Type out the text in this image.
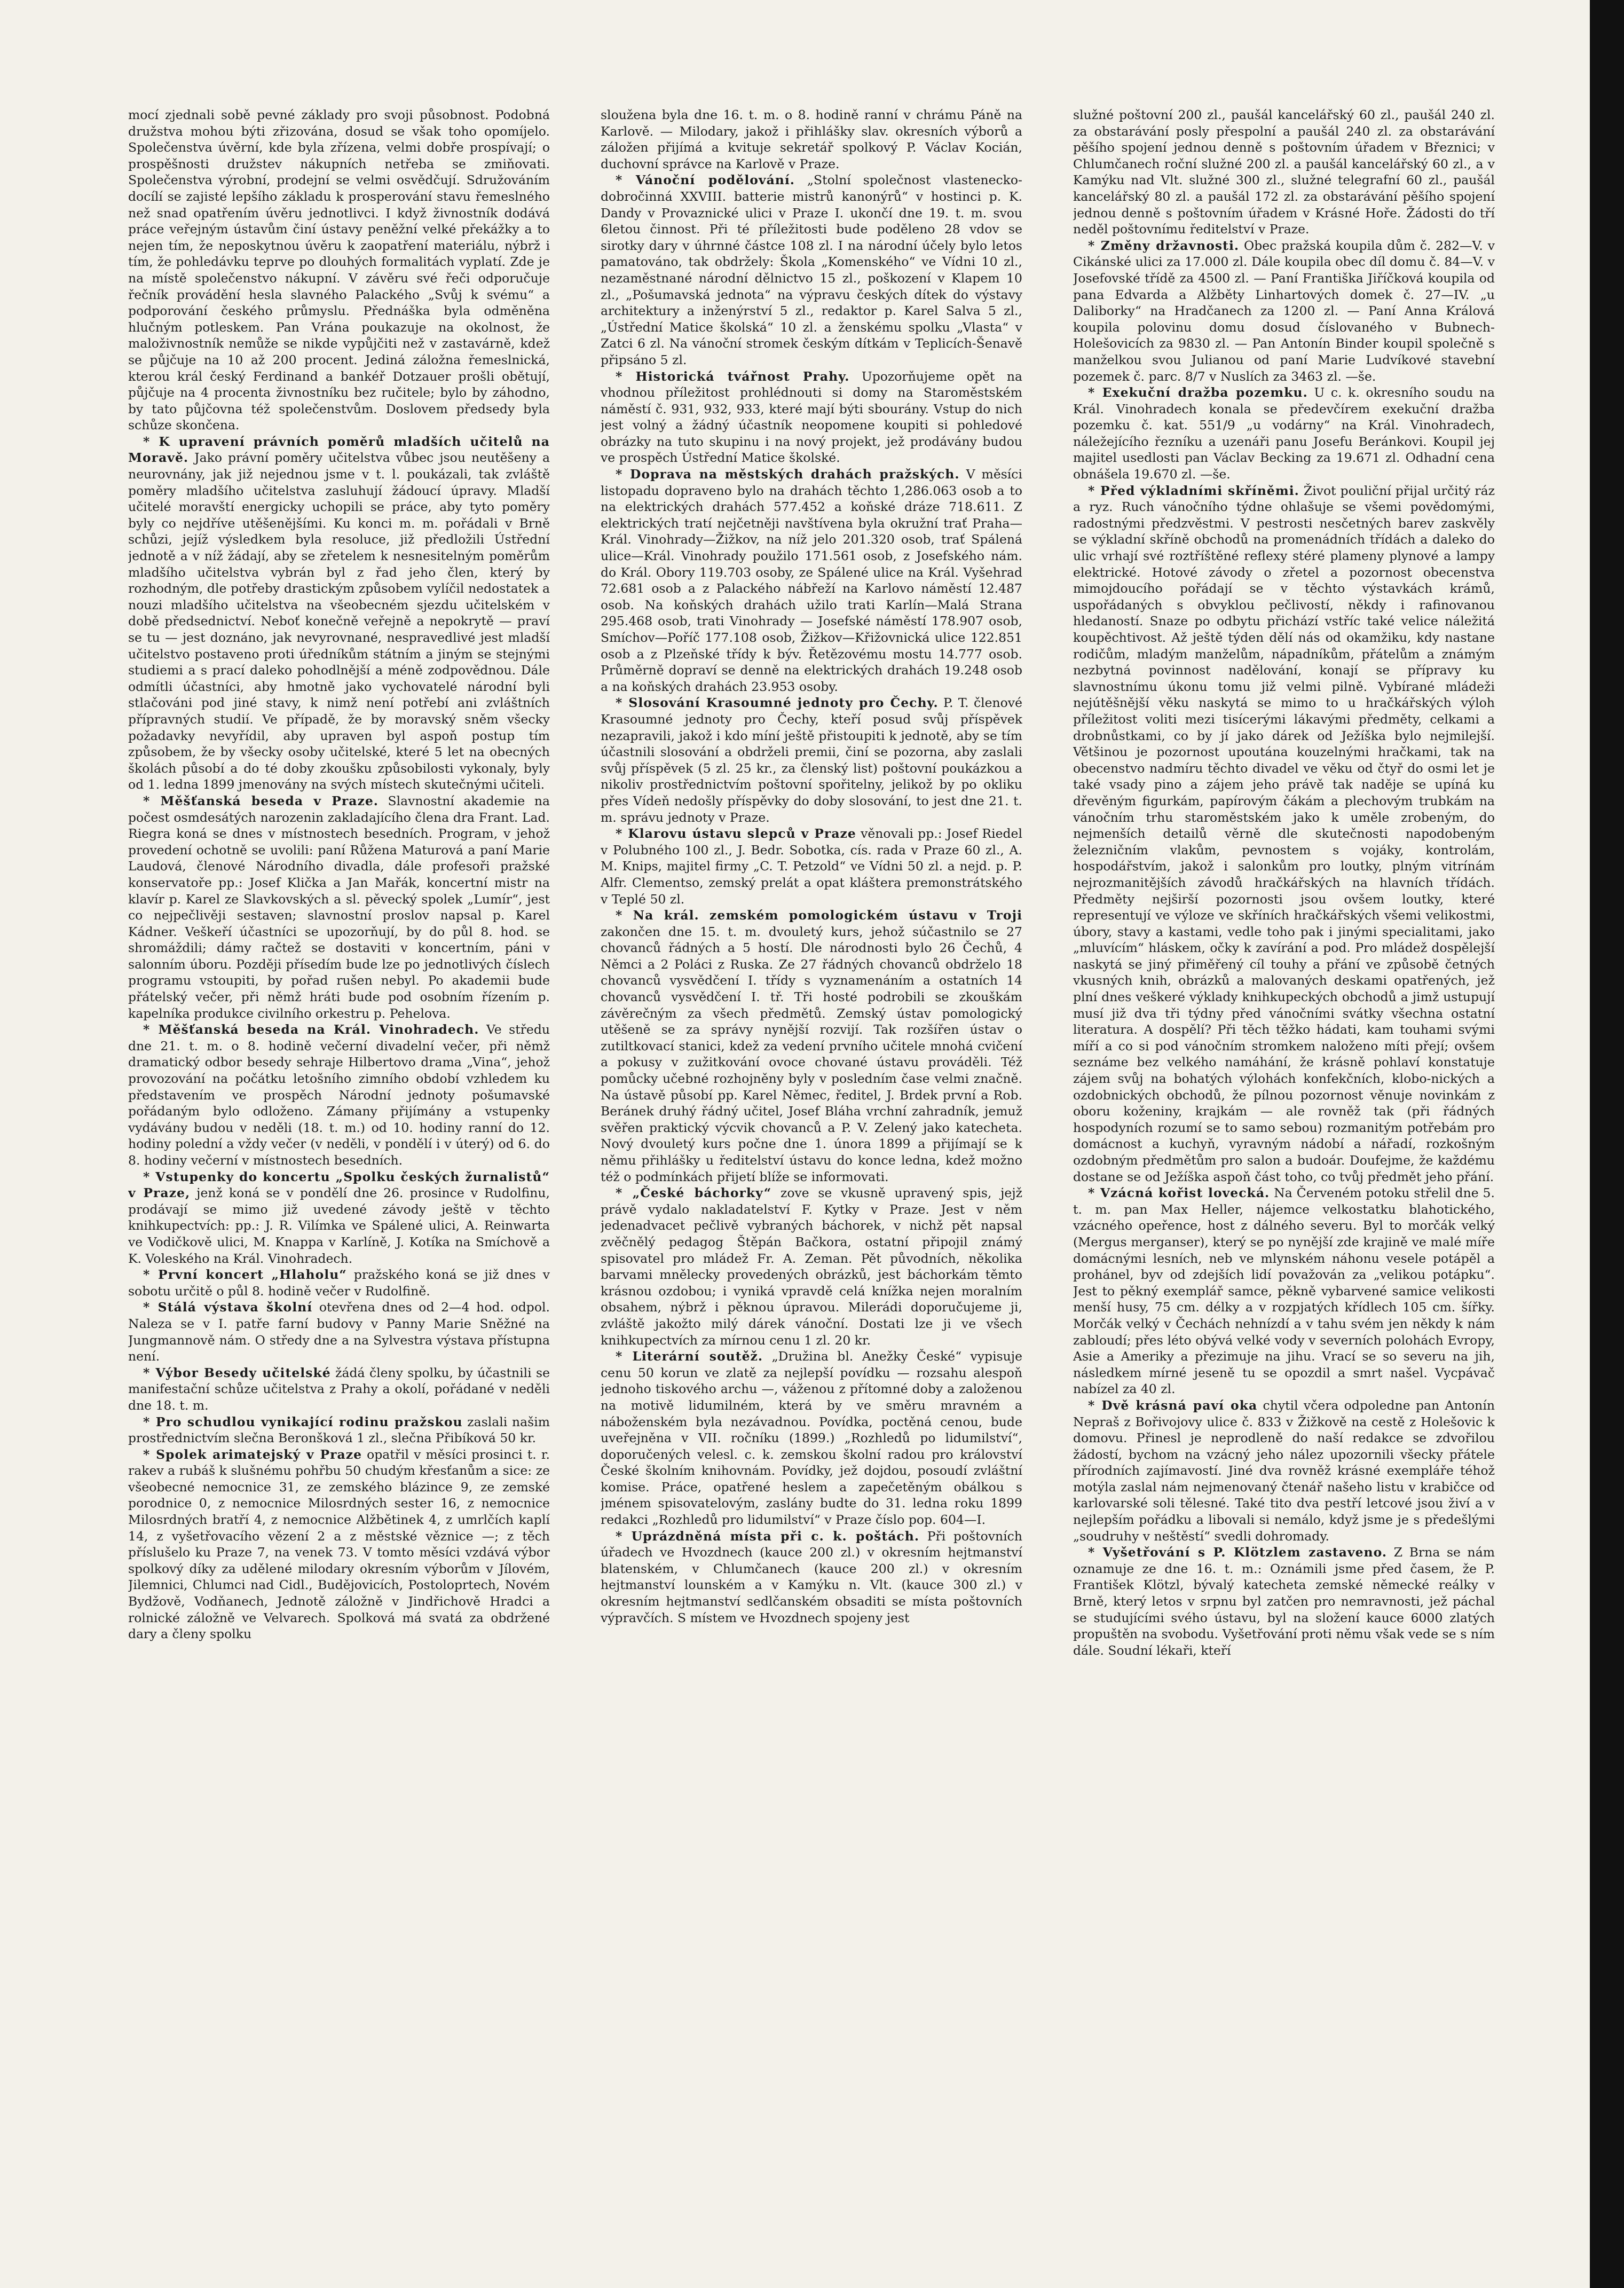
mocí zjednali sobě pevné základy pro svoji působnost. Podobná družstva mohou býti zřizována, dosud se však toho opomíjelo. Společenstva úvěrní, kde byla zřízena, velmi dobře prospívají; o prospěšnosti družstev nákupních netřeba se zmiňovati. Společenstva výrobní, prodejní se velmi osvědčují. Sdružováním docílí se zajisté lepšího základu k prosperování stavu řemeslného než snad opatřením úvěru jednotlivci. I když živnostník dodává práce veřejným ústavům činí ústavy peněžní velké překážky a to nejen tím, že neposkytnou úvěru k zaopatření materiálu, nýbrž i tím, že pohledávku teprve po dlouhých formalitách vyplatí. Zde je na místě společenstvo nákupní. V závěru své řeči odporučuje řečník provádění hesla slavného Palackého „Svůj k svému“ a podporování českého průmyslu. Přednáška byla odměněna hlučným potleskem. Pan Vrána poukazuje na okolnost, že maloživnostník nemůže se nikde vypůjčiti než v zastavárně, kdež se půjčuje na 10 až 200 procent. Jediná záložna řemeslnická, kterou král český Ferdinand a bankéř Dotzauer prošli obětují, půjčuje na 4 procenta živnostníku bez ručitele; bylo by záhodno, by tato půjčovna též společenstvům. Doslovem předsedy byla schůze skončena.

* K upravení právních poměrů mladších učitelů na Moravě. Jako právní poměry učitelstva vůbec jsou neutěšeny a neurovnány, jak již nejednou jsme v t. l. poukázali, tak zvláště poměry mladšího učitelstva zasluhují žádoucí úpravy. Mladší učitelé moravští energicky uchopili se práce, aby tyto poměry byly co nejdříve utěšenějšími. Ku konci m. m. pořádali v Brně schůzi, jejíž výsledkem byla resoluce, již předložili Ústřední jednotě a v níž žádají, aby se zřetelem k nesnesitelným poměrům mladšího učitelstva vybrán byl z řad jeho člen, který by rozhodným, dle potřeby drastickým způsobem vylíčil nedostatek a nouzi mladšího učitelstva na všeobecném sjezdu učitelském v době předsednictví. Neboť konečně veřejně a nepokrytě — praví se tu — jest doznáno, jak nevyrovnané, nespravedlivé jest mladší učitelstvo postaveno proti úředníkům státním a jiným se stejnými studiemi a s prací daleko pohodlnější a méně zodpovědnou. Dále odmítli účastníci, aby hmotně jako vychovatelé národní byli stlačováni pod jiné stavy, k nimž není potřebí ani zvláštních přípravných studií. Ve případě, že by moravský sněm všecky požadavky nevyřídil, aby upraven byl aspoň postup tím způsobem, že by všecky osoby učitelské, které 5 let na obecných školách působí a do té doby zkoušku způsobilosti vykonaly, byly od 1. ledna 1899 jmenovány na svých místech skutečnými učiteli.

* Měšťanská beseda v Praze. Slavnostní akademie na počest osmdesátých narozenin zakladajícího člena dra Frant. Lad. Riegra koná se dnes v místnostech besedních. Program, v jehož provedení ochotně se uvolili: paní Růžena Maturová a paní Marie Laudová, členové Národního divadla, dále profesoři pražské konservatoře pp.: Josef Klička a Jan Mařák, koncertní mistr na klavír p. Karel ze Slavkovských a sl. pěvecký spolek „Lumír“, jest co nejpečlivěji sestaven; slavnostní proslov napsal p. Karel Kádner. Veškeří účastníci se upozorňují, by do půl 8. hod. se shromáždili; dámy račtež se dostaviti v koncertním, páni v salonním úboru. Později přísedím bude lze po jednotlivých číslech programu vstoupiti, by pořad rušen nebyl. Po akademii bude přátelský večer, při němž hráti bude pod osobním řízením p. kapelníka produkce civilního orkestru p. Pehelova.

* Měšťanská beseda na Král. Vinohradech. Ve středu dne 21. t. m. o 8. hodině večerní divadelní večer, při němž dramatický odbor besedy sehraje Hilbertovo drama „Vina“, jehož provozování na počátku letošního zimního období vzhledem ku představením ve prospěch Národní jednoty pošumavské pořádaným bylo odloženo. Zámany přijímány a vstupenky vydávány budou v neděli (18. t. m.) od 10. hodiny ranní do 12. hodiny polední a vždy večer (v neděli, v pondělí i v úterý) od 6. do 8. hodiny večerní v místnostech besedních.

* Vstupenky do koncertu „Spolku českých žurnalistů“ v Praze, jenž koná se v pondělí dne 26. prosince v Rudolfinu, prodávají se mimo již uvedené závody ještě v těchto knihkupectvích: pp.: J. R. Vilímka ve Spálené ulici, A. Reinwarta ve Vodičkově ulici, M. Knappa v Karlíně, J. Kotíka na Smíchově a K. Voleského na Král. Vinohradech.

* První koncert „Hlaholu“ pražského koná se již dnes v sobotu určitě o půl 8. hodině večer v Rudolfině.

* Stálá výstava školní otevřena dnes od 2—4 hod. odpol. Naleza se v I. patře farní budovy v Panny Marie Sněžné na Jungmannově nám. O středy dne a na Sylvestra výstava přístupna není.

* Výbor Besedy učitelské žádá členy spolku, by účastnili se manifestační schůze učitelstva z Prahy a okolí, pořádané v neděli dne 18. t. m.

* Pro schudlou vynikající rodinu pražskou zaslali našim prostřednictvím slečna Beronšková 1 zl., slečna Přibíková 50 kr.

* Spolek arimatejský v Praze opatřil v měsíci prosinci t. r. rakev a rubáš k slušnému pohřbu 50 chudým křesťanům a sice: ze všeobecné nemocnice 31, ze zemského blázince 9, ze zemské porodnice 0, z nemocnice Milosrdných sester 16, z nemocnice Milosrdných bratří 4, z nemocnice Alžbětinek 4, z umrlčích kaplí 14, z vyšetřovacího vězení 2 a z městské věznice —; z těch příslušelo ku Praze 7, na venek 73. V tomto měsíci vzdává výbor spolkový díky za udělené milodary okresním výborům v Jílovém, Jilemnici, Chlumci nad Cidl., Budějovicích, Postoloprtech, Novém Bydžově, Vodňanech, Jednotě záložně v Jindřichově Hradci a rolnické záložně ve Velvarech. Spolková má svatá za obdržené dary a členy spolku

sloužena byla dne 16. t. m. o 8. hodině ranní v chrámu Páně na Karlově. — Milodary, jakož i přihlášky slav. okresních výborů a záložen přijímá a kvituje sekretář spolkový P. Václav Kocián, duchovní správce na Karlově v Praze.

* Vánoční podělování. „Stolní společnost vlastenecko-dobročinná XXVIII. batterie mistrů kanonýrů“ v hostinci p. K. Dandy v Provaznické ulici v Praze I. ukončí dne 19. t. m. svou 6letou činnost. Při té příležitosti bude poděleno 28 vdov se sirotky dary v úhrnné částce 108 zl. I na národní účely bylo letos pamatováno, tak obdržely: Škola „Komenského“ ve Vídni 10 zl., nezaměstnané národní dělnictvo 15 zl., poškození v Klapem 10 zl., „Pošumavská jednota“ na výpravu českých dítek do výstavy architektury a inženýrství 5 zl., redaktor p. Karel Salva 5 zl., „Ústřední Matice školská“ 10 zl. a ženskému spolku „Vlasta“ v Zatci 6 zl. Na vánoční stromek českým dítkám v Teplicích-Šenavě připsáno 5 zl.

* Historická tvářnost Prahy. Upozorňujeme opět na vhodnou příležitost prohlédnouti si domy na Staroměstském náměstí č. 931, 932, 933, které mají býti sbourány. Vstup do nich jest volný a žádný účastník neopomene koupiti si pohledové obrázky na tuto skupinu i na nový projekt, jež prodávány budou ve prospěch Ústřední Matice školské.

* Doprava na městských drahách pražských. V měsíci listopadu dopraveno bylo na drahách těchto 1,286.063 osob a to na elektrických drahách 577.452 a koňské dráze 718.611. Z elektrických tratí nejčetněji navštívena byla okružní trať Praha—Král. Vinohrady—Žižkov, na níž jelo 201.320 osob, trať Spálená ulice—Král. Vinohrady použilo 171.561 osob, z Josefského nám. do Král. Obory 119.703 osoby, ze Spálené ulice na Král. Vyšehrad 72.681 osob a z Palackého nábřeží na Karlovo náměstí 12.487 osob. Na koňských drahách užilo trati Karlín—Malá Strana 295.468 osob, trati Vinohrady — Josefské náměstí 178.907 osob, Smíchov—Poříč 177.108 osob, Žižkov—Křižovnická ulice 122.851 osob a z Plzeňské třídy k býv. Řetězovému mostu 14.777 osob. Průměrně dopraví se denně na elektrických drahách 19.248 osob a na koňských drahách 23.953 osoby.

* Slosování Krasoumné jednoty pro Čechy. P. T. členové Krasoumné jednoty pro Čechy, kteří posud svůj příspěvek nezapravili, jakož i kdo míní ještě přistoupiti k jednotě, aby se tím účastnili slosování a obdrželi premii, činí se pozorna, aby zaslali svůj příspěvek (5 zl. 25 kr., za členský list) poštovní poukázkou a nikoliv prostřednictvím poštovní spořitelny, jelikož by po okliku přes Vídeň nedošly příspěvky do doby slosování, to jest dne 21. t. m. správu jednoty v Praze.

* Klarovu ústavu slepců v Praze věnovali pp.: Josef Riedel v Polubného 100 zl., J. Bedr. Sobotka, cís. rada v Praze 60 zl., A. M. Knips, majitel firmy „C. T. Petzold“ ve Vídni 50 zl. a nejd. p. P. Alfr. Clementso, zemský prelát a opat kláštera premonstrátského v Teplé 50 zl.

* Na král. zemském pomologickém ústavu v Troji zakončen dne 15. t. m. dvouletý kurs, jehož súčastnilo se 27 chovanců řádných a 5 hostí. Dle národnosti bylo 26 Čechů, 4 Němci a 2 Poláci z Ruska. Ze 27 řádných chovanců obdrželo 18 chovanců vysvědčení I. třídy s vyznamenáním a ostatních 14 chovanců vysvědčení I. tř. Tři hosté podrobili se zkouškám závěrečným za všech předmětů. Zemský ústav pomologický utěšeně se za správy nynější rozvijí. Tak rozšířen ústav o zutiltkovací stanici, kdež za vedení prvního učitele mnohá cvičení a pokusy v zužitkování ovoce chované ústavu prováděli. Též pomůcky učebné rozhojněny byly v posledním čase velmi značně. Na ústavě působí pp. Karel Němec, ředitel, J. Brdek první a Rob. Beránek druhý řádný učitel, Josef Bláha vrchní zahradník, jemuž svěřen praktický výcvik chovanců a P. V. Zelený jako katecheta. Nový dvouletý kurs počne dne 1. února 1899 a přijímají se k němu přihlášky u ředitelství ústavu do konce ledna, kdež možno též o podmínkách přijetí blíže se informovati.

* „České báchorky“ zove se vkusně upravený spis, jejž právě vydalo nakladatelství F. Kytky v Praze. Jest v něm jedenadvacet pečlivě vybraných báchorek, v nichž pět napsal zvěčnělý pedagog Štěpán Bačkora, ostatní připojil známý spisovatel pro mládež Fr. A. Zeman. Pět původních, několika barvami mnělecky provedených obrázků, jest báchorkám těmto krásnou ozdobou; i vyniká vpravdě celá knížka nejen moralním obsahem, nýbrž i pěknou úpravou. Milerádi doporučujeme ji, zvláště jakožto milý dárek vánoční. Dostati lze ji ve všech knihkupectvích za mírnou cenu 1 zl. 20 kr.

* Literární soutěž. „Družina bl. Anežky České“ vypisuje cenu 50 korun ve zlatě za nejlepší povídku — rozsahu alespoň jednoho tiskového archu —, váženou z přítomné doby a založenou na motivě lidumilném, která by ve směru mravném a náboženském byla nezávadnou. Povídka, poctěná cenou, bude uveřejněna v VII. ročníku (1899.) „Rozhledů po lidumilství“, doporučených velesl. c. k. zemskou školní radou pro království České školním knihovnám. Povídky, jež dojdou, posoudí zvláštní komise. Práce, opatřené heslem a zapečetěným obálkou s jménem spisovatelovým, zaslány budte do 31. ledna roku 1899 redakci „Rozhledů pro lidumilství“ v Praze číslo pop. 604—I.

* Uprázdněná místa při c. k. poštách. Při poštovních úřadech ve Hvozdnech (kauce 200 zl.) v okresním hejtmanství blatenském, v Chlumčanech (kauce 200 zl.) v okresním hejtmanství lounském a v Kamýku n. Vlt. (kauce 300 zl.) v okresním hejtmanství sedlčanském obsaditi se místa poštovních výpravčích. S místem ve Hvozdnech spojeny jest

služné poštovní 200 zl., paušál kancelářský 60 zl., paušál 240 zl. za obstarávání posly přespolní a paušál 240 zl. za obstarávání pěšího spojení jednou denně s poštovním úřadem v Březnici; v Chlumčanech roční služné 200 zl. a paušál kancelářský 60 zl., a v Kamýku nad Vlt. služné 300 zl., služné telegrafní 60 zl., paušál kancelářský 80 zl. a paušál 172 zl. za obstarávání pěšího spojení jednou denně s poštovním úřadem v Krásné Hoře. Žádosti do tří neděl poštovnímu ředitelství v Praze.

* Změny državnosti. Obec pražská koupila dům č. 282—V. v Cikánské ulici za 17.000 zl. Dále koupila obec díl domu č. 84—V. v Josefovské třídě za 4500 zl. — Paní Františka Jiříčková koupila od pana Edvarda a Alžběty Linhartových domek č. 27—IV. „u Daliborky“ na Hradčanech za 1200 zl. — Paní Anna Králová koupila polovinu domu dosud číslovaného v Bubnech-Holešovicích za 9830 zl. — Pan Antonín Binder koupil společně s manželkou svou Julianou od paní Marie Ludvíkové stavební pozemek č. parc. 8/7 v Nuslích za 3463 zl. —še.

* Exekuční dražba pozemku. U c. k. okresního soudu na Král. Vinohradech konala se předevčírem exekuční dražba pozemku č. kat. 551/9 „u vodárny“ na Král. Vinohradech, náležejícího řezníku a uzenáři panu Josefu Beránkovi. Koupil jej majitel usedlosti pan Václav Becking za 19.671 zl. Odhadní cena obnášela 19.670 zl. —še.

* Před výkladními skříněmi. Život pouliční přijal určitý ráz a ryz. Ruch vánočního týdne ohlašuje se všemi povědomými, radostnými předzvěstmi. V pestrosti nesčetných barev zaskvěly se výkladní skříně obchodů na promenádních třídách a daleko do ulic vrhají své roztříštěné reflexy stéré plameny plynové a lampy elektrické. Hotové závody o zřetel a pozornost obecenstva mimojdoucího pořádají se v těchto výstavkách krámů, uspořádaných s obvyklou pečlivostí, někdy i rafinovanou hledaností. Snaze po odbytu přichází vstříc také velice náležitá koupěchtivost. Až ještě týden dělí nás od okamžiku, kdy nastane rodičům, mladým manželům, nápadníkům, přátelům a známým nezbytná povinnost nadělování, konají se přípravy ku slavnostnímu úkonu tomu již velmi pilně. Vybírané mládeži nejútěšnější věku naskytá se mimo to u hračkářských výloh příležitost voliti mezi tisícerými lákavými předměty, celkami a drobnůstkami, co by jí jako dárek od Ježíška bylo nejmilejší. Většinou je pozornost upoutána kouzelnými hračkami, tak na obecenstvo nadmíru těchto divadel ve věku od čtyř do osmi let je také vsady pino a zájem jeho právě tak naděje se upíná ku dřevěným figurkám, papírovým čákám a plechovým trubkám na vánočním trhu staroměstském jako k uměle zrobeným, do nejmenších detailů věrně dle skutečnosti napodobeným železničním vlakům, pevnostem s vojáky, kontrolám, hospodářstvím, jakož i salonkům pro loutky, plným vitrínám nejrozmanitějších závodů hračkářských na hlavních třídách. Předměty nejširší pozornosti jsou ovšem loutky, které representují ve výloze ve skříních hračkářských všemi velikostmi, úbory, stavy a kastami, vedle toho pak i jinými specialitami, jako „mluvícím“ hláskem, očky k zavírání a pod. Pro mládež dospělejší naskytá se jiný přiměřený cíl touhy a přání ve způsobě četných vkusných knih, obrázků a malovaných deskami opatřených, jež plní dnes veškeré výklady knihkupeckých obchodů a jimž ustupují musí již dva tři týdny před vánočními svátky všechna ostatní literatura. A dospělí? Při těch těžko hádati, kam touhami svými míří a co si pod vánočním stromkem naloženo míti přejí; ovšem seznáme bez velkého namáhání, že krásně pohlaví konstatuje zájem svůj na bohatých výlohách konfekčních, klobo-nických a ozdobnických obchodů, že pílnou pozornost věnuje novinkám z oboru koženiny, krajkám — ale rovněž tak (při řádných hospodyních rozumí se to samo sebou) rozmanitým potřebám pro domácnost a kuchyň, vyravným nádobí a nářadí, rozkošným ozdobným předmětům pro salon a budoár. Doufejme, že každému dostane se od Ježíška aspoň část toho, co tvůj předmět jeho přání.

* Vzácná kořist lovecká. Na Červeném potoku střelil dne 5. t. m. pan Max Heller, nájemce velkostatku blahotického, vzácného opeřence, host z dálného severu. Byl to morčák velký (Mergus merganser), který se po nynější zde krajině ve malé míře domácnými lesních, neb ve mlynském náhonu vesele potápěl a prohánel, byv od zdejších lidí považován za „velikou potápku“. Jest to pěkný exemplář samce, pěkně vybarvené samice velikosti menší husy, 75 cm. délky a v rozpjatých křídlech 105 cm. šířky. Morčák velký v Čechách nehnízdí a v tahu svém jen někdy k nám zabloudí; přes léto obývá velké vody v severních polohách Evropy, Asie a Ameriky a přezimuje na jihu. Vrací se so severu na jih, následkem mírné jeseně tu se opozdil a smrt našel. Vycpávač nabízel za 40 zl.

* Dvě krásná paví oka chytil včera odpoledne pan Antonín Nepraš z Bořivojovy ulice č. 833 v Žižkově na cestě z Holešovic k domovu. Přinesl je neprodleně do naší redakce se zdvořilou žádostí, bychom na vzácný jeho nález upozornili všecky přátele přírodních zajímavostí. Jiné dva rovněž krásné exempláře téhož motýla zaslal nám nejmenovaný čtenář našeho listu v krabičce od karlovarské soli tělesné. Také tito dva pestří letcové jsou živí a v nejlepším pořádku a libovali si nemálo, když jsme je s předešlými „soudruhy v neštěstí“ svedli dohromady.

* Vyšetřování s P. Klötzlem zastaveno. Z Brna se nám oznamuje ze dne 16. t. m.: Oznámili jsme před časem, že P. František Klötzl, bývalý katecheta zemské německé reálky v Brně, který letos v srpnu byl zatčen pro nemravnosti, jež páchal se studujícími svého ústavu, byl na složení kauce 6000 zlatých propuštěn na svobodu. Vyšetřování proti němu však vede se s ním dále. Soudní lékaři, kteří
